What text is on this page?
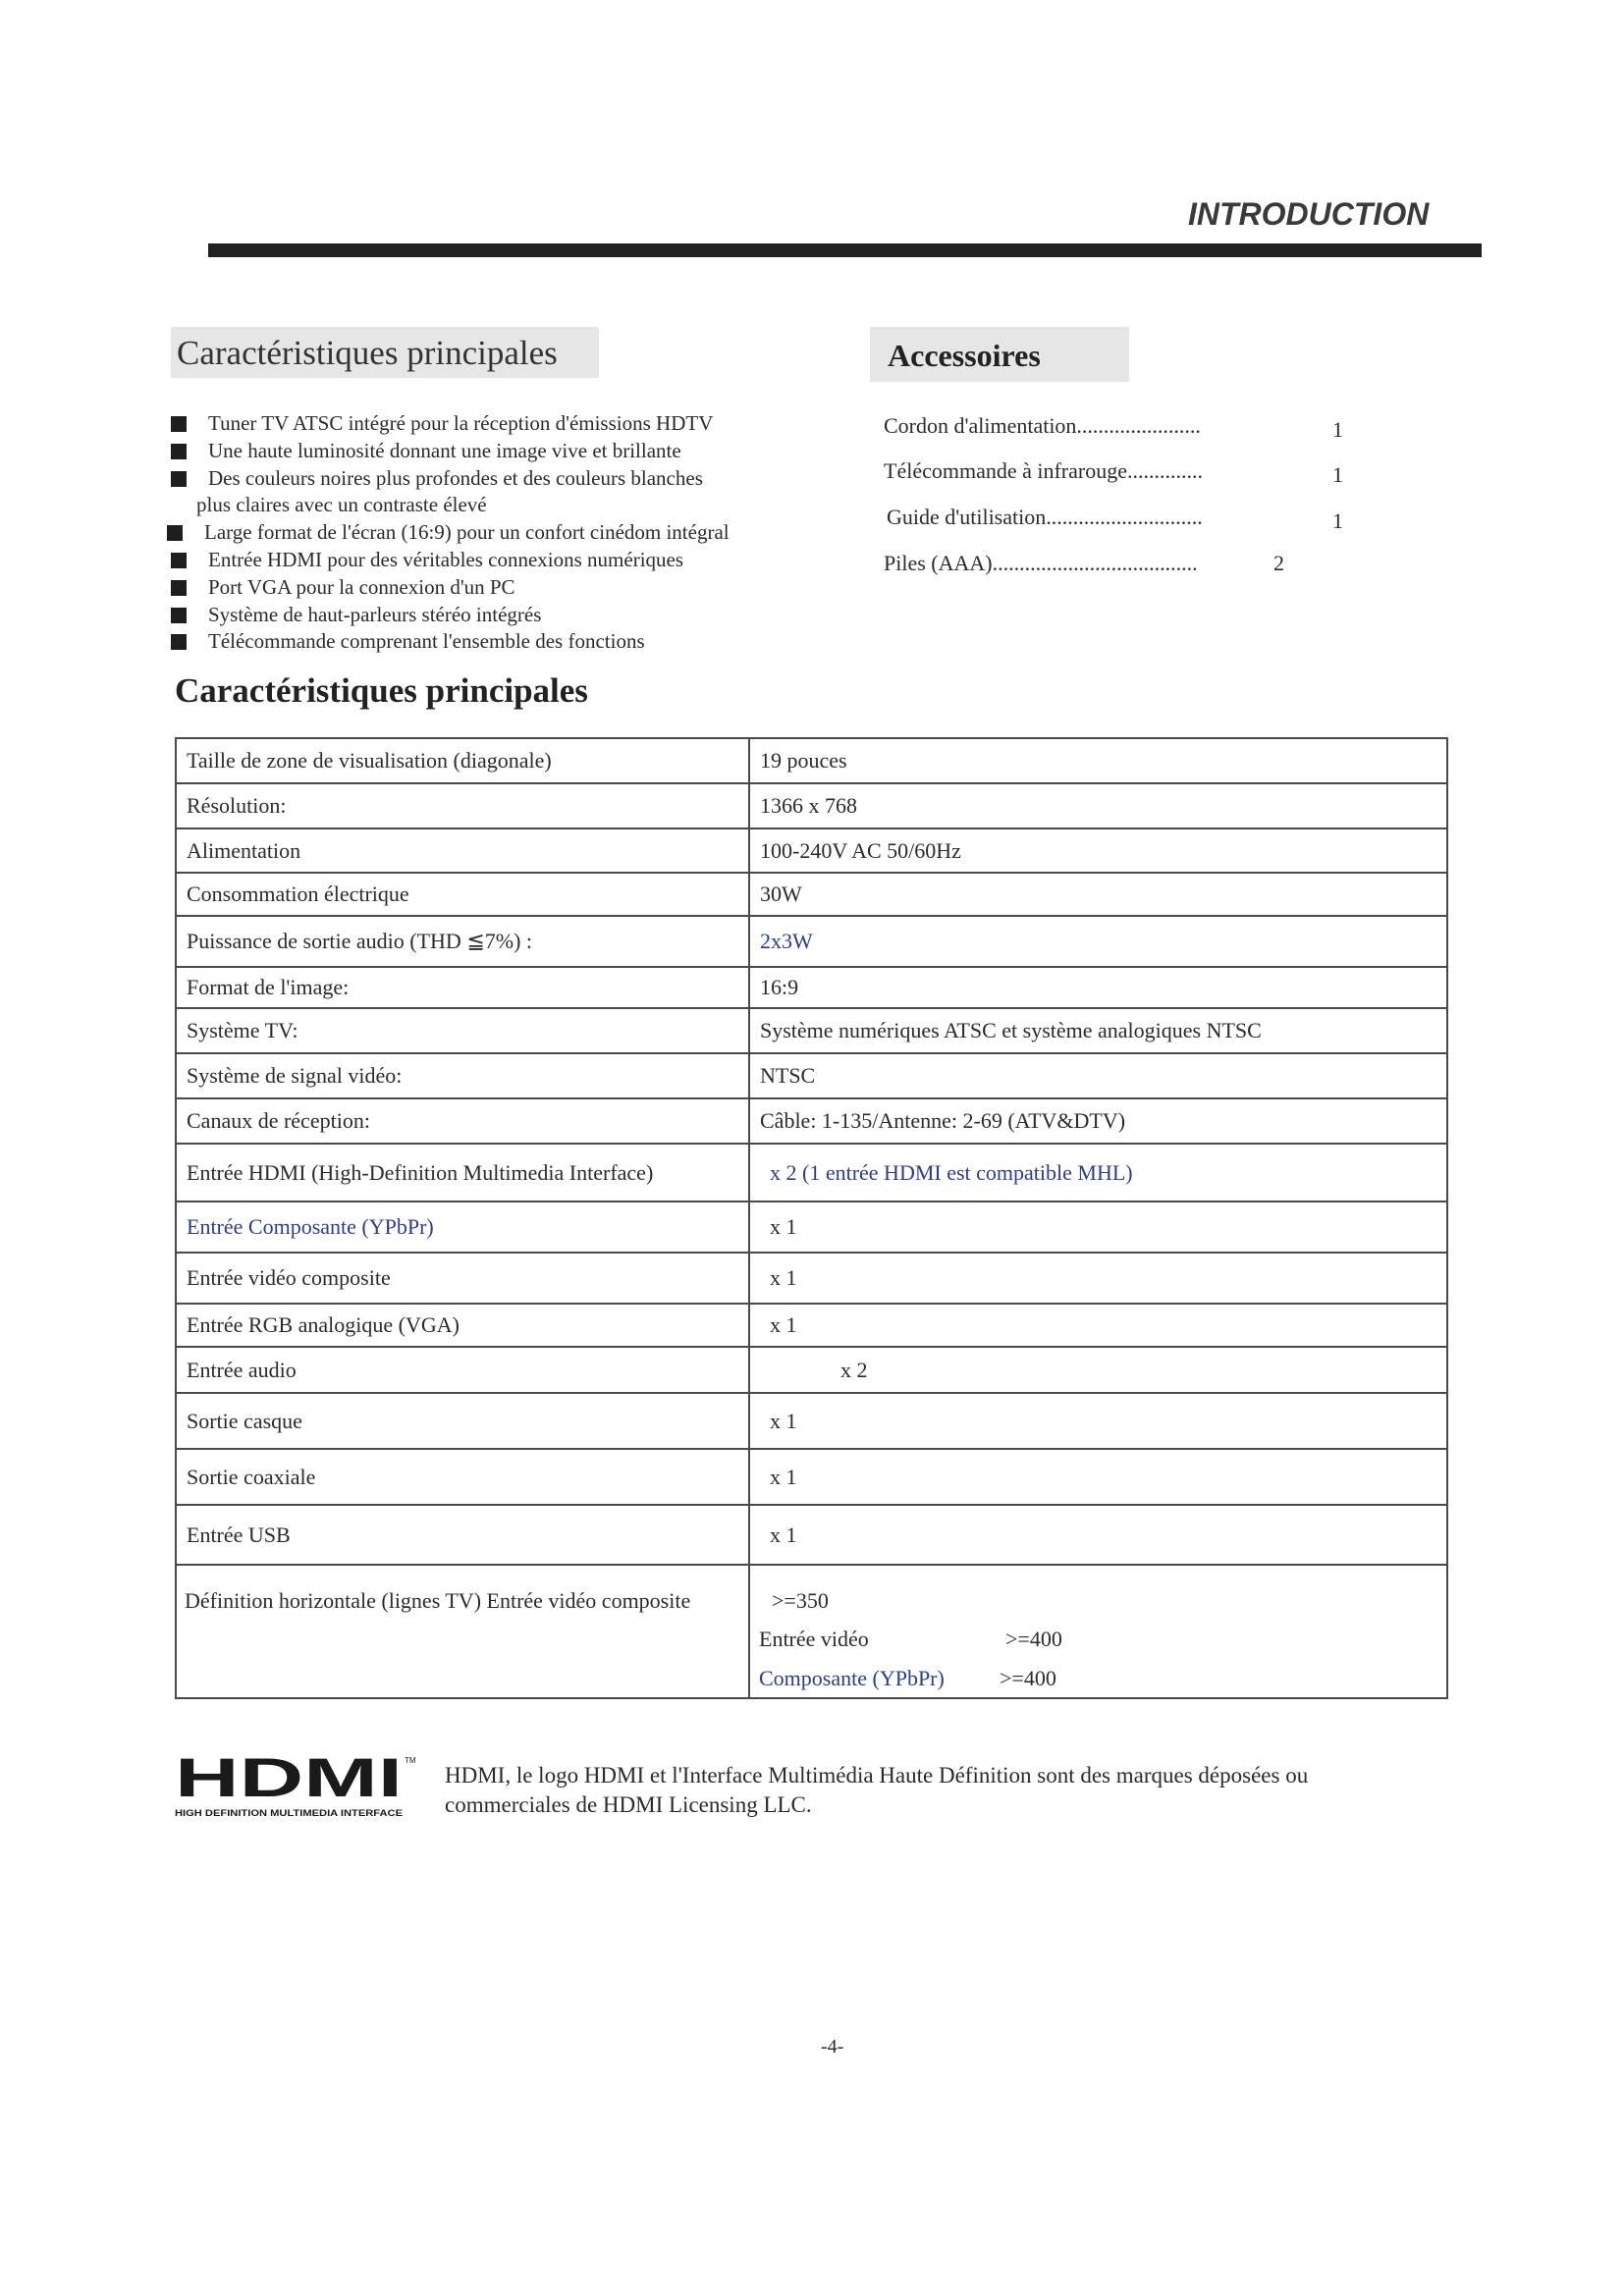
INTRODUCTION
Caractéristiques principales
Tuner TV ATSC intégré pour la réception d'émissions HDTV
Une haute luminosité donnant une image vive et brillante
Des couleurs noires plus profondes et des couleurs blanches
plus claires avec un contraste élevé
Large format de l'écran (16:9) pour un confort cinédom intégral
Entrée HDMI pour des véritables connexions numériques
Port VGA pour la connexion d'un PC
Système de haut-parleurs stéréo intégrés
Télécommande comprenant l'ensemble des fonctions
Accessoires
Cordon d'alimentation.......................	1
Télécommande à infrarouge..............	1
Guide d'utilisation.............................	1
Piles (AAA)......................................	2
Caractéristiques principales
Taille de zone de visualisation (diagonale)	19 pouces
Résolution:	1366 x 768
Alimentation	100-240V AC 50/60Hz
Consommation électrique	30W
Puissance de sortie audio (THD ≦7%) :	2x3W
Format de l'image:	16:9
Système TV:	Système numériques ATSC et système analogiques NTSC
Système de signal vidéo:	NTSC
Canaux de réception:	Câble: 1-135/Antenne: 2-69 (ATV&DTV)
Entrée HDMI (High-Definition Multimedia Interface)	x 2 (1 entrée HDMI est compatible MHL)
Entrée Composante (YPbPr)	x 1
Entrée vidéo composite	x 1
Entrée RGB analogique (VGA)	x 1
Entrée audio	x 2
Sortie casque	x 1
Sortie coaxiale	x 1
Entrée USB	x 1

Définition horizontale (lignes TV) Entrée vidéo composite	>=350
Entrée vidéo	>=400
Composante (YPbPr)	>=400
HDMI TM
HIGH DEFINITION MULTIMEDIA INTERFACE
HDMI, le logo HDMI et l'Interface Multimédia Haute Définition sont des marques déposées ou commerciales de HDMI Licensing LLC.
-4-
